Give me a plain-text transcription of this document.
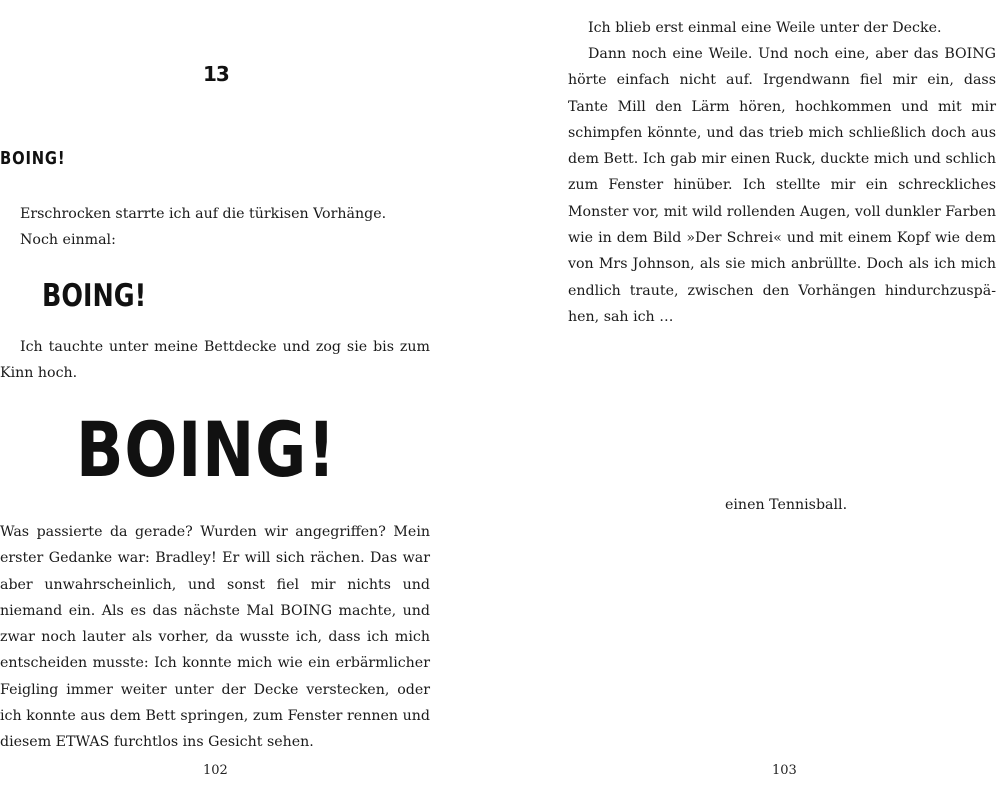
13
BOING!

Erschrocken starrte ich auf die türkisen Vorhänge.

Noch einmal:

BOING!

Ich tauchte unter meine Bettdecke und zog sie bis zum Kinn hoch.

BOING!

Was passierte da gerade? Wurden wir angegriffen? Mein erster Gedanke war: Bradley! Er will sich rächen. Das war aber unwahrscheinlich, und sonst fiel mir nichts und niemand ein. Als es das nächste Mal BOING machte, und zwar noch lauter als vorher, da wusste ich, dass ich mich entscheiden musste: Ich konnte mich wie ein erbärmlicher Feigling immer weiter unter der Decke verstecken, oder ich konnte aus dem Bett springen, zum Fenster rennen und diesem ETWAS furchtlos ins Gesicht sehen.

102

Ich blieb erst einmal eine Weile unter der Decke.

Dann noch eine Weile. Und noch eine, aber das BOING hörte einfach nicht auf. Irgendwann fiel mir ein, dass Tante Mill den Lärm hören, hochkommen und mit mir schimpfen könnte, und das trieb mich schließlich doch aus dem Bett. Ich gab mir einen Ruck, duckte mich und schlich zum Fenster hinüber. Ich stellte mir ein schreckliches Monster vor, mit wild rollenden Augen, voll dunkler Farben wie in dem Bild »Der Schrei« und mit einem Kopf wie dem von Mrs Johnson, als sie mich anbrüllte. Doch als ich mich endlich traute, zwischen den Vorhängen hindurchzuspähen, sah ich …

einen Tennisball.

103
